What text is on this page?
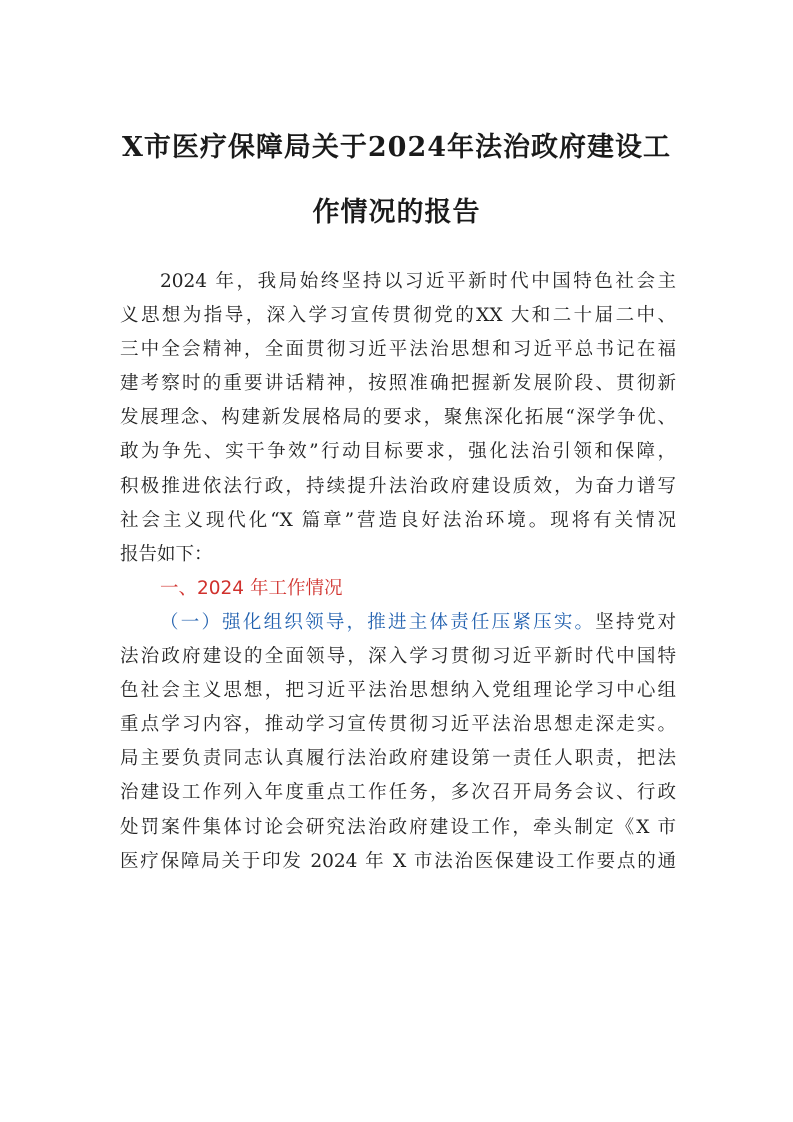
X市医疗保障局关于2024年法治政府建设工
作情况的报告
2024 年，我局始终坚持以习近平新时代中国特色社会主
义思想为指导，深入学习宣传贯彻党的XX 大和二十届二中、
三中全会精神，全面贯彻习近平法治思想和习近平总书记在福
建考察时的重要讲话精神，按照准确把握新发展阶段、贯彻新
发展理念、构建新发展格局的要求，聚焦深化拓展“深学争优、
敢为争先、实干争效”行动目标要求，强化法治引领和保障，
积极推进依法行政，持续提升法治政府建设质效，为奋力谱写
社会主义现代化“X 篇章”营造良好法治环境。现将有关情况
报告如下：
一、2024 年工作情况
（一）强化组织领导，推进主体责任压紧压实。坚持党对
法治政府建设的全面领导，深入学习贯彻习近平新时代中国特
色社会主义思想，把习近平法治思想纳入党组理论学习中心组
重点学习内容，推动学习宣传贯彻习近平法治思想走深走实。
局主要负责同志认真履行法治政府建设第一责任人职责，把法
治建设工作列入年度重点工作任务，多次召开局务会议、行政
处罚案件集体讨论会研究法治政府建设工作，牵头制定《X 市
医疗保障局关于印发 2024 年 X 市法治医保建设工作要点的通
